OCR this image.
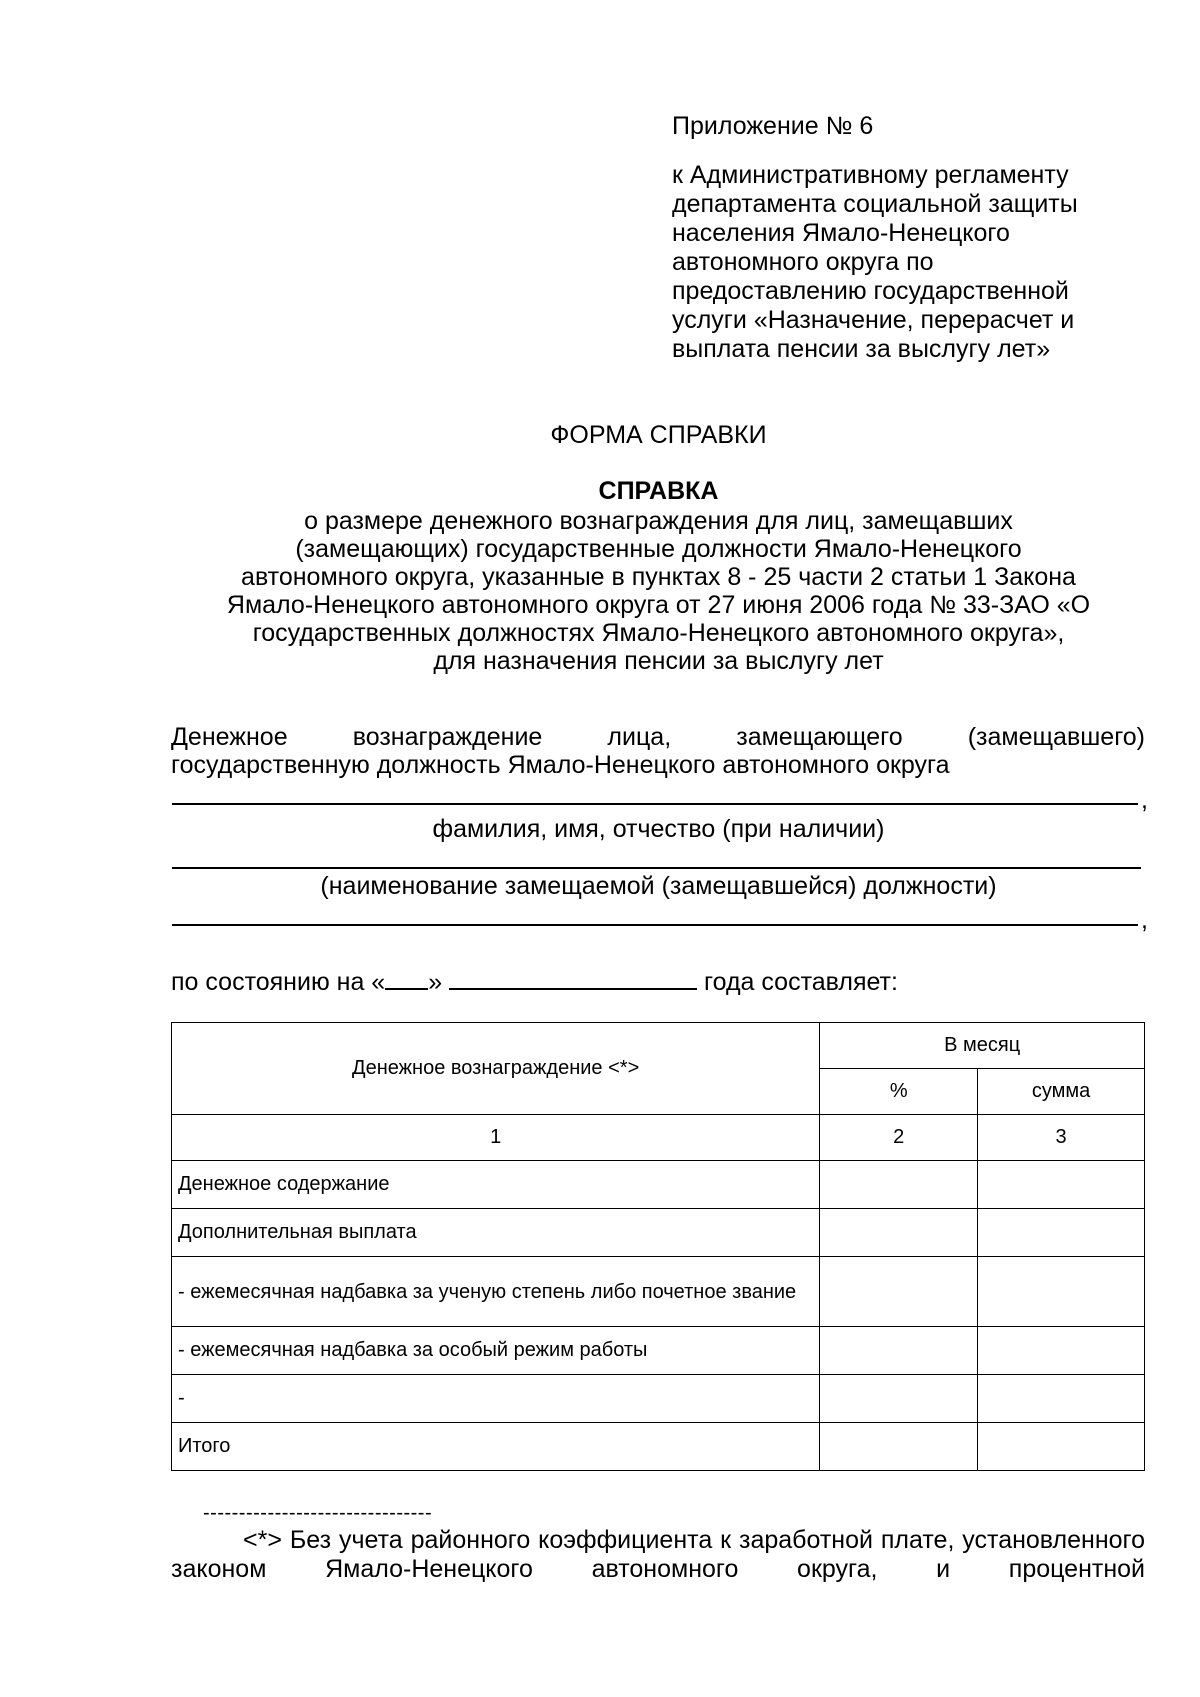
Приложение № 6
к Административному регламенту
департамента социальной защиты
населения Ямало-Ненецкого
автономного округа по
предоставлению государственной
услуги «Назначение, перерасчет и
выплата пенсии за выслугу лет»
ФОРМА СПРАВКИ
СПРАВКА
о размере денежного вознаграждения для лиц, замещавших
(замещающих) государственные должности Ямало-Ненецкого
автономного округа, указанные в пунктах 8 - 25 части 2 статьи 1 Закона
Ямало-Ненецкого автономного округа от 27 июня 2006 года № 33-ЗАО «О
государственных должностях Ямало-Ненецкого автономного округа»,
для назначения пенсии за выслугу лет
Денежное	вознаграждение	лица,	замещающего	(замещавшего)
государственную должность Ямало-Ненецкого автономного округа
,
фамилия, имя, отчество (при наличии)
(наименование замещаемой (замещавшейся) должности)
,
по состоянию на « »	года составляет:
Денежное вознаграждение <*>	В месяц	
	%	сумма
1	2	3
Денежное содержание		
Дополнительная выплата		
- ежемесячная надбавка за ученую степень либо почетное звание		
- ежемесячная надбавка за особый режим работы		
-		
Итого		
--------------------------------
<*> Без учета районного коэффициента к заработной плате, установленного законом Ямало-Ненецкого автономного округа, и процентной
